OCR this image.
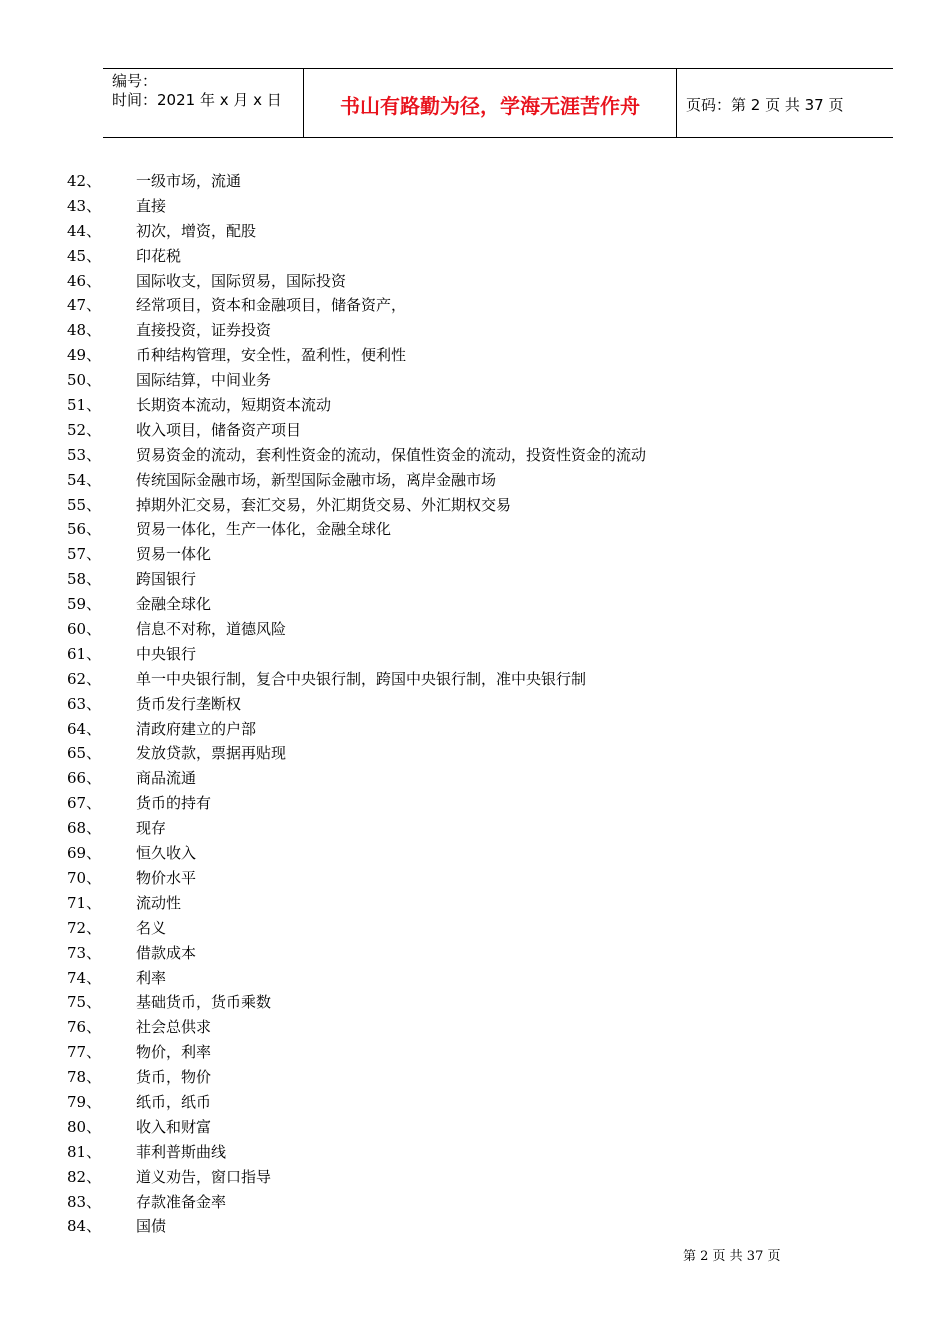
编号：
时间：2021 年 x 月 x 日	书山有路勤为径，学海无涯苦作舟	页码：第 2 页 共 37 页
42、	一级市场，流通
43、	直接
44、	初次，增资，配股
45、	印花税
46、	国际收支，国际贸易，国际投资
47、	经常项目，资本和金融项目，储备资产，
48、	直接投资，证券投资
49、	币种结构管理，安全性，盈利性，便利性
50、	国际结算，中间业务
51、	长期资本流动，短期资本流动
52、	收入项目，储备资产项目
53、	贸易资金的流动，套利性资金的流动，保值性资金的流动，投资性资金的流动
54、	传统国际金融市场，新型国际金融市场，离岸金融市场
55、	掉期外汇交易，套汇交易，外汇期货交易、外汇期权交易
56、	贸易一体化，生产一体化，金融全球化
57、	贸易一体化
58、	跨国银行
59、	金融全球化
60、	信息不对称，道德风险
61、	中央银行
62、	单一中央银行制，复合中央银行制，跨国中央银行制，准中央银行制
63、	货币发行垄断权
64、	清政府建立的户部
65、	发放贷款，票据再贴现
66、	商品流通
67、	货币的持有
68、	现存
69、	恒久收入
70、	物价水平
71、	流动性
72、	名义
73、	借款成本
74、	利率
75、	基础货币，货币乘数
76、	社会总供求
77、	物价，利率
78、	货币，物价
79、	纸币，纸币
80、	收入和财富
81、	菲利普斯曲线
82、	道义劝告，窗口指导
83、	存款准备金率
84、	国债
第 2 页 共 37 页
